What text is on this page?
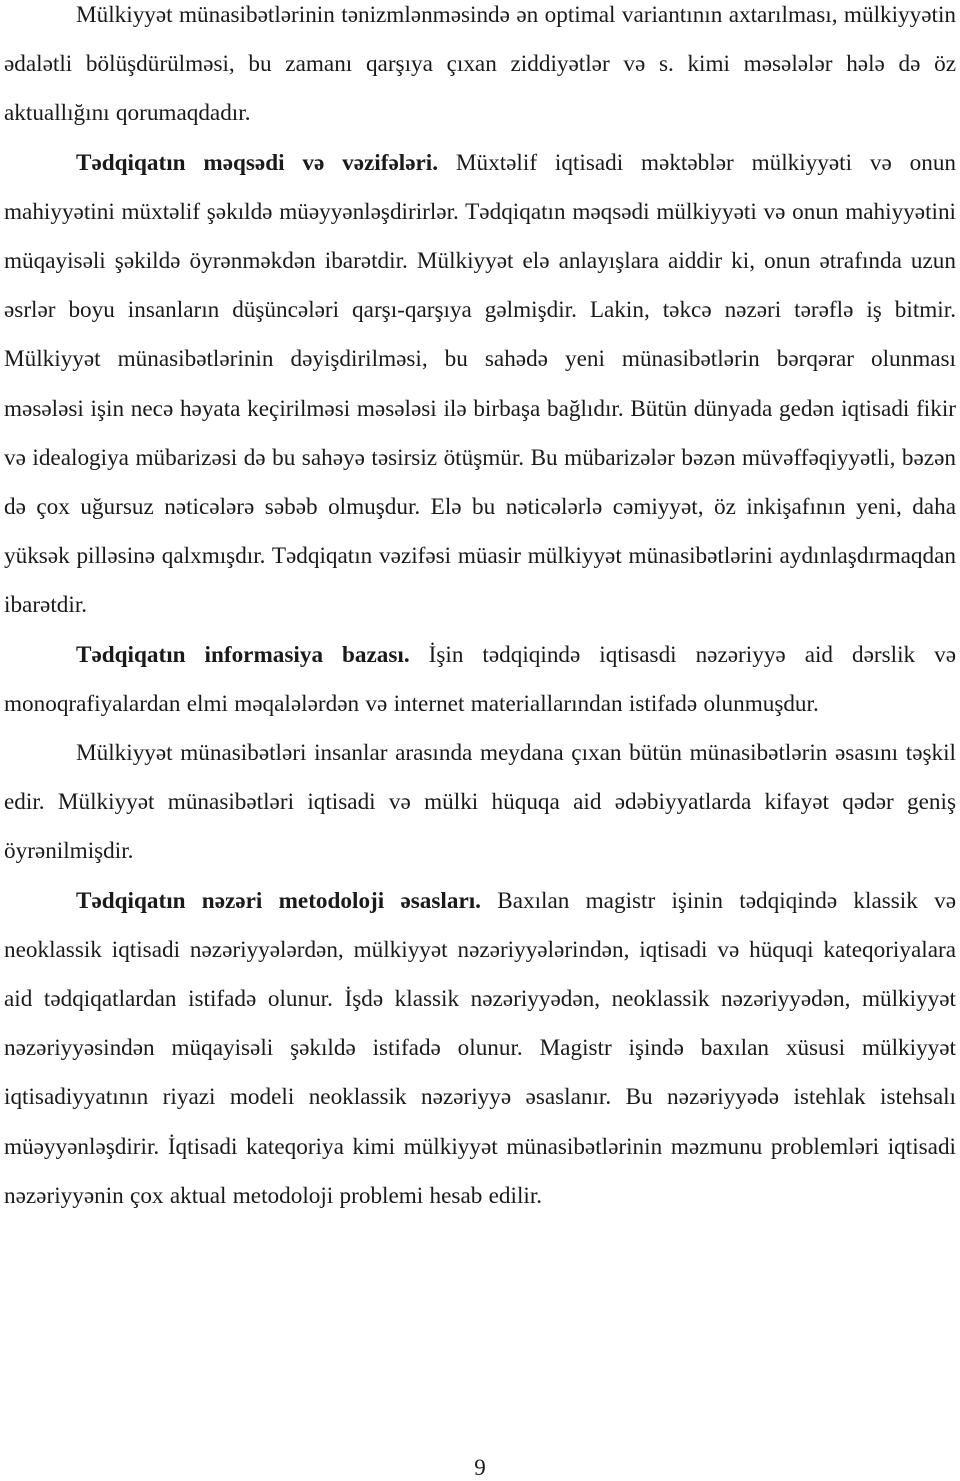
Mülkiyyət münasibətlərinin tənizmlənməsində ən optimal variantının axtarılması, mülkiyyətin ədalətli bölüşdürülməsi, bu zamanı qarşıya çıxan ziddiyətlər və s. kimi məsələlər hələ də öz aktuallığını qorumaqdadır.

Tədqiqatın məqsədi və vəzifələri. Müxtəlif iqtisadi məktəblər mülkiyyəti və onun mahiyyətini müxtəlif şəkıldə müəyyənləşdirirlər. Tədqiqatın məqsədi mülkiyyəti və onun mahiyyətini müqayisəli şəkildə öyrənməkdən ibarətdir. Mülkiyyət elə anlayışlara aiddir ki, onun ətrafında uzun əsrlər boyu insanların düşüncələri qarşı-qarşıya gəlmişdir. Lakin, təkcə nəzəri tərəflə iş bitmir. Mülkiyyət münasibətlərinin dəyişdirilməsi, bu sahədə yeni münasibətlərin bərqərar olunması məsələsi işin necə həyata keçirilməsi məsələsi ilə birbaşa bağlıdır. Bütün dünyada gedən iqtisadi fikir və idealogiya mübarizəsi də bu sahəyə təsirsiz ötüşmür. Bu mübarizələr bəzən müvəffəqiyyətli, bəzən də çox uğursuz nəticələrə səbəb olmuşdur. Elə bu nəticələrlə cəmiyyət, öz inkişafının yeni, daha yüksək pilləsinə qalxmışdır. Tədqiqatın vəzifəsi müasir mülkiyyət münasibətlərini aydınlaşdırmaqdan ibarətdir.

Tədqiqatın informasiya bazası. İşin tədqiqində iqtisasdi nəzəriyyə aid dərslik və monoqrafiyalardan elmi məqalələrdən və internet materiallarından istifadə olunmuşdur.

Mülkiyyət münasibətləri insanlar arasında meydana çıxan bütün münasibətlərin əsasını təşkil edir. Mülkiyyət münasibətləri iqtisadi və mülki hüquqa aid ədəbiyyatlarda kifayət qədər geniş öyrənilmişdir.

Tədqiqatın nəzəri metodoloji əsasları. Baxılan magistr işinin tədqiqində klassik və neoklassik iqtisadi nəzəriyyələrdən, mülkiyyət nəzəriyyələrindən, iqtisadi və hüquqi kateqoriyalara aid tədqiqatlardan istifadə olunur. İşdə klassik nəzəriyyədən, neoklassik nəzəriyyədən, mülkiyyət nəzəriyyəsindən müqayisəli şəkıldə istifadə olunur. Magistr işində baxılan xüsusi mülkiyyət iqtisadiyyatının riyazi modeli neoklassik nəzəriyyə əsaslanır. Bu nəzəriyyədə istehlak istehsalı müəyyənləşdirir. İqtisadi kateqoriya kimi mülkiyyət münasibətlərinin məzmunu problemləri iqtisadi nəzəriyyənin çox aktual metodoloji problemi hesab edilir.

9
